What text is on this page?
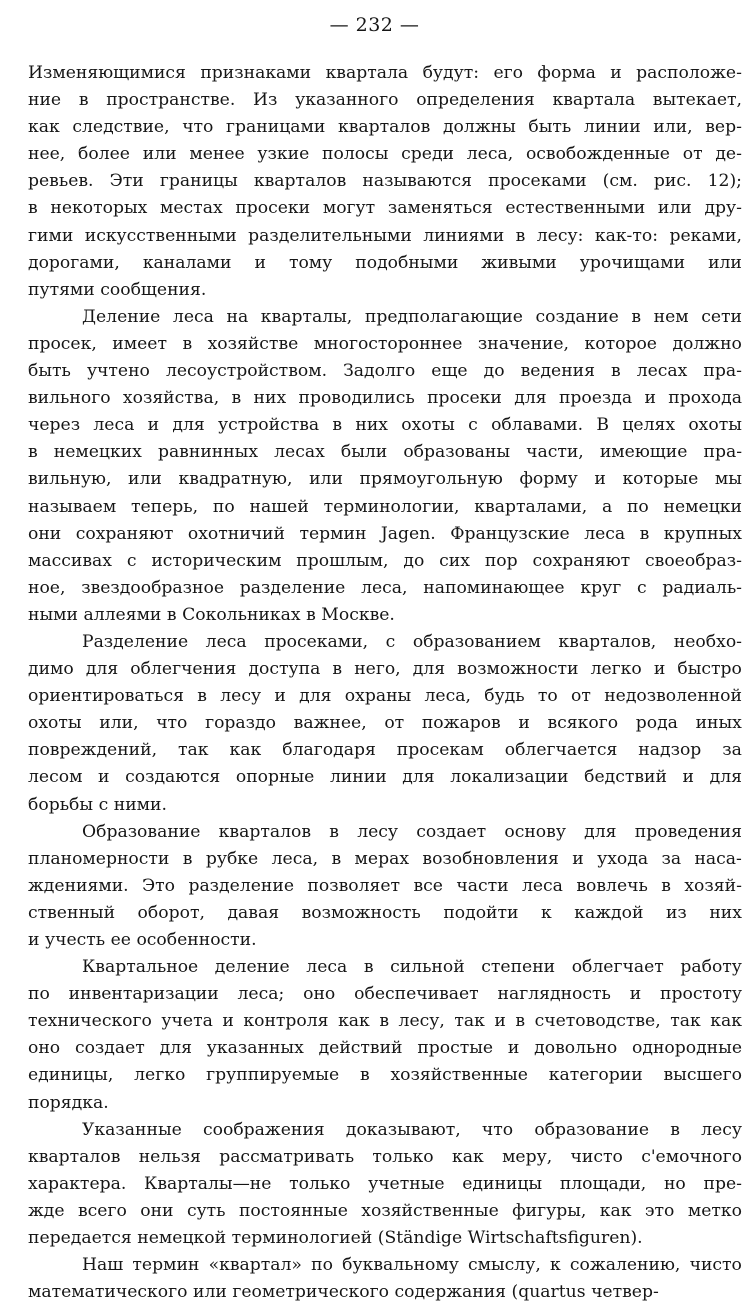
— 232 —
Изменяющимися признаками квартала будут: его форма и расположе-
ние в пространстве. Из указанного определения квартала вытекает,
как следствие, что границами кварталов должны быть линии или, вер-
нее, более или менее узкие полосы среди леса, освобожденные от де-
ревьев. Эти границы кварталов называются просеками (см. рис. 12);
в некоторых местах просеки могут заменяться естественными или дру-
гими искусственными разделительными линиями в лесу: как-то: реками,
дорогами, каналами и тому подобными живыми урочищами или
путями сообщения.
Деление леса на кварталы, предполагающие создание в нем сети
просек, имеет в хозяйстве многостороннее значение, которое должно
быть учтено лесоустройством. Задолго еще до ведения в лесах пра-
вильного хозяйства, в них проводились просеки для проезда и прохода
через леса и для устройства в них охоты с облавами. В целях охоты
в немецких равнинных лесах были образованы части, имеющие пра-
вильную, или квадратную, или прямоугольную форму и которые мы
называем теперь, по нашей терминологии, кварталами, а по немецки
они сохраняют охотничий термин Jagen. Французские леса в крупных
массивах с историческим прошлым, до сих пор сохраняют своеобраз-
ное, звездообразное разделение леса, напоминающее круг с радиаль-
ными аллеями в Сокольниках в Москве.
Разделение леса просеками, с образованием кварталов, необхо-
димо для облегчения доступа в него, для возможности легко и быстро
ориентироваться в лесу и для охраны леса, будь то от недозволенной
охоты или, что гораздо важнее, от пожаров и всякого рода иных
повреждений, так как благодаря просекам облегчается надзор за
лесом и создаются опорные линии для локализации бедствий и для
борьбы с ними.
Образование кварталов в лесу создает основу для проведения
планомерности в рубке леса, в мерах возобновления и ухода за наса-
ждениями. Это разделение позволяет все части леса вовлечь в хозяй-
ственный оборот, давая возможность подойти к каждой из них
и учесть ее особенности.
Квартальное деление леса в сильной степени облегчает работу
по инвентаризации леса; оно обеспечивает наглядность и простоту
технического учета и контроля как в лесу, так и в счетоводстве, так как
оно создает для указанных действий простые и довольно однородные
единицы, легко группируемые в хозяйственные категории высшего
порядка.
Указанные соображения доказывают, что образование в лесу
кварталов нельзя рассматривать только как меру, чисто с'емочного
характера. Кварталы—не только учетные единицы площади, но пре-
жде всего они суть постоянные хозяйственные фигуры, как это метко
передается немецкой терминологией (Ständige Wirtschaftsfiguren).
Наш термин «квартал» по буквальному смыслу, к сожалению, чисто
математического или геометрического содержания (quartus четвер-
